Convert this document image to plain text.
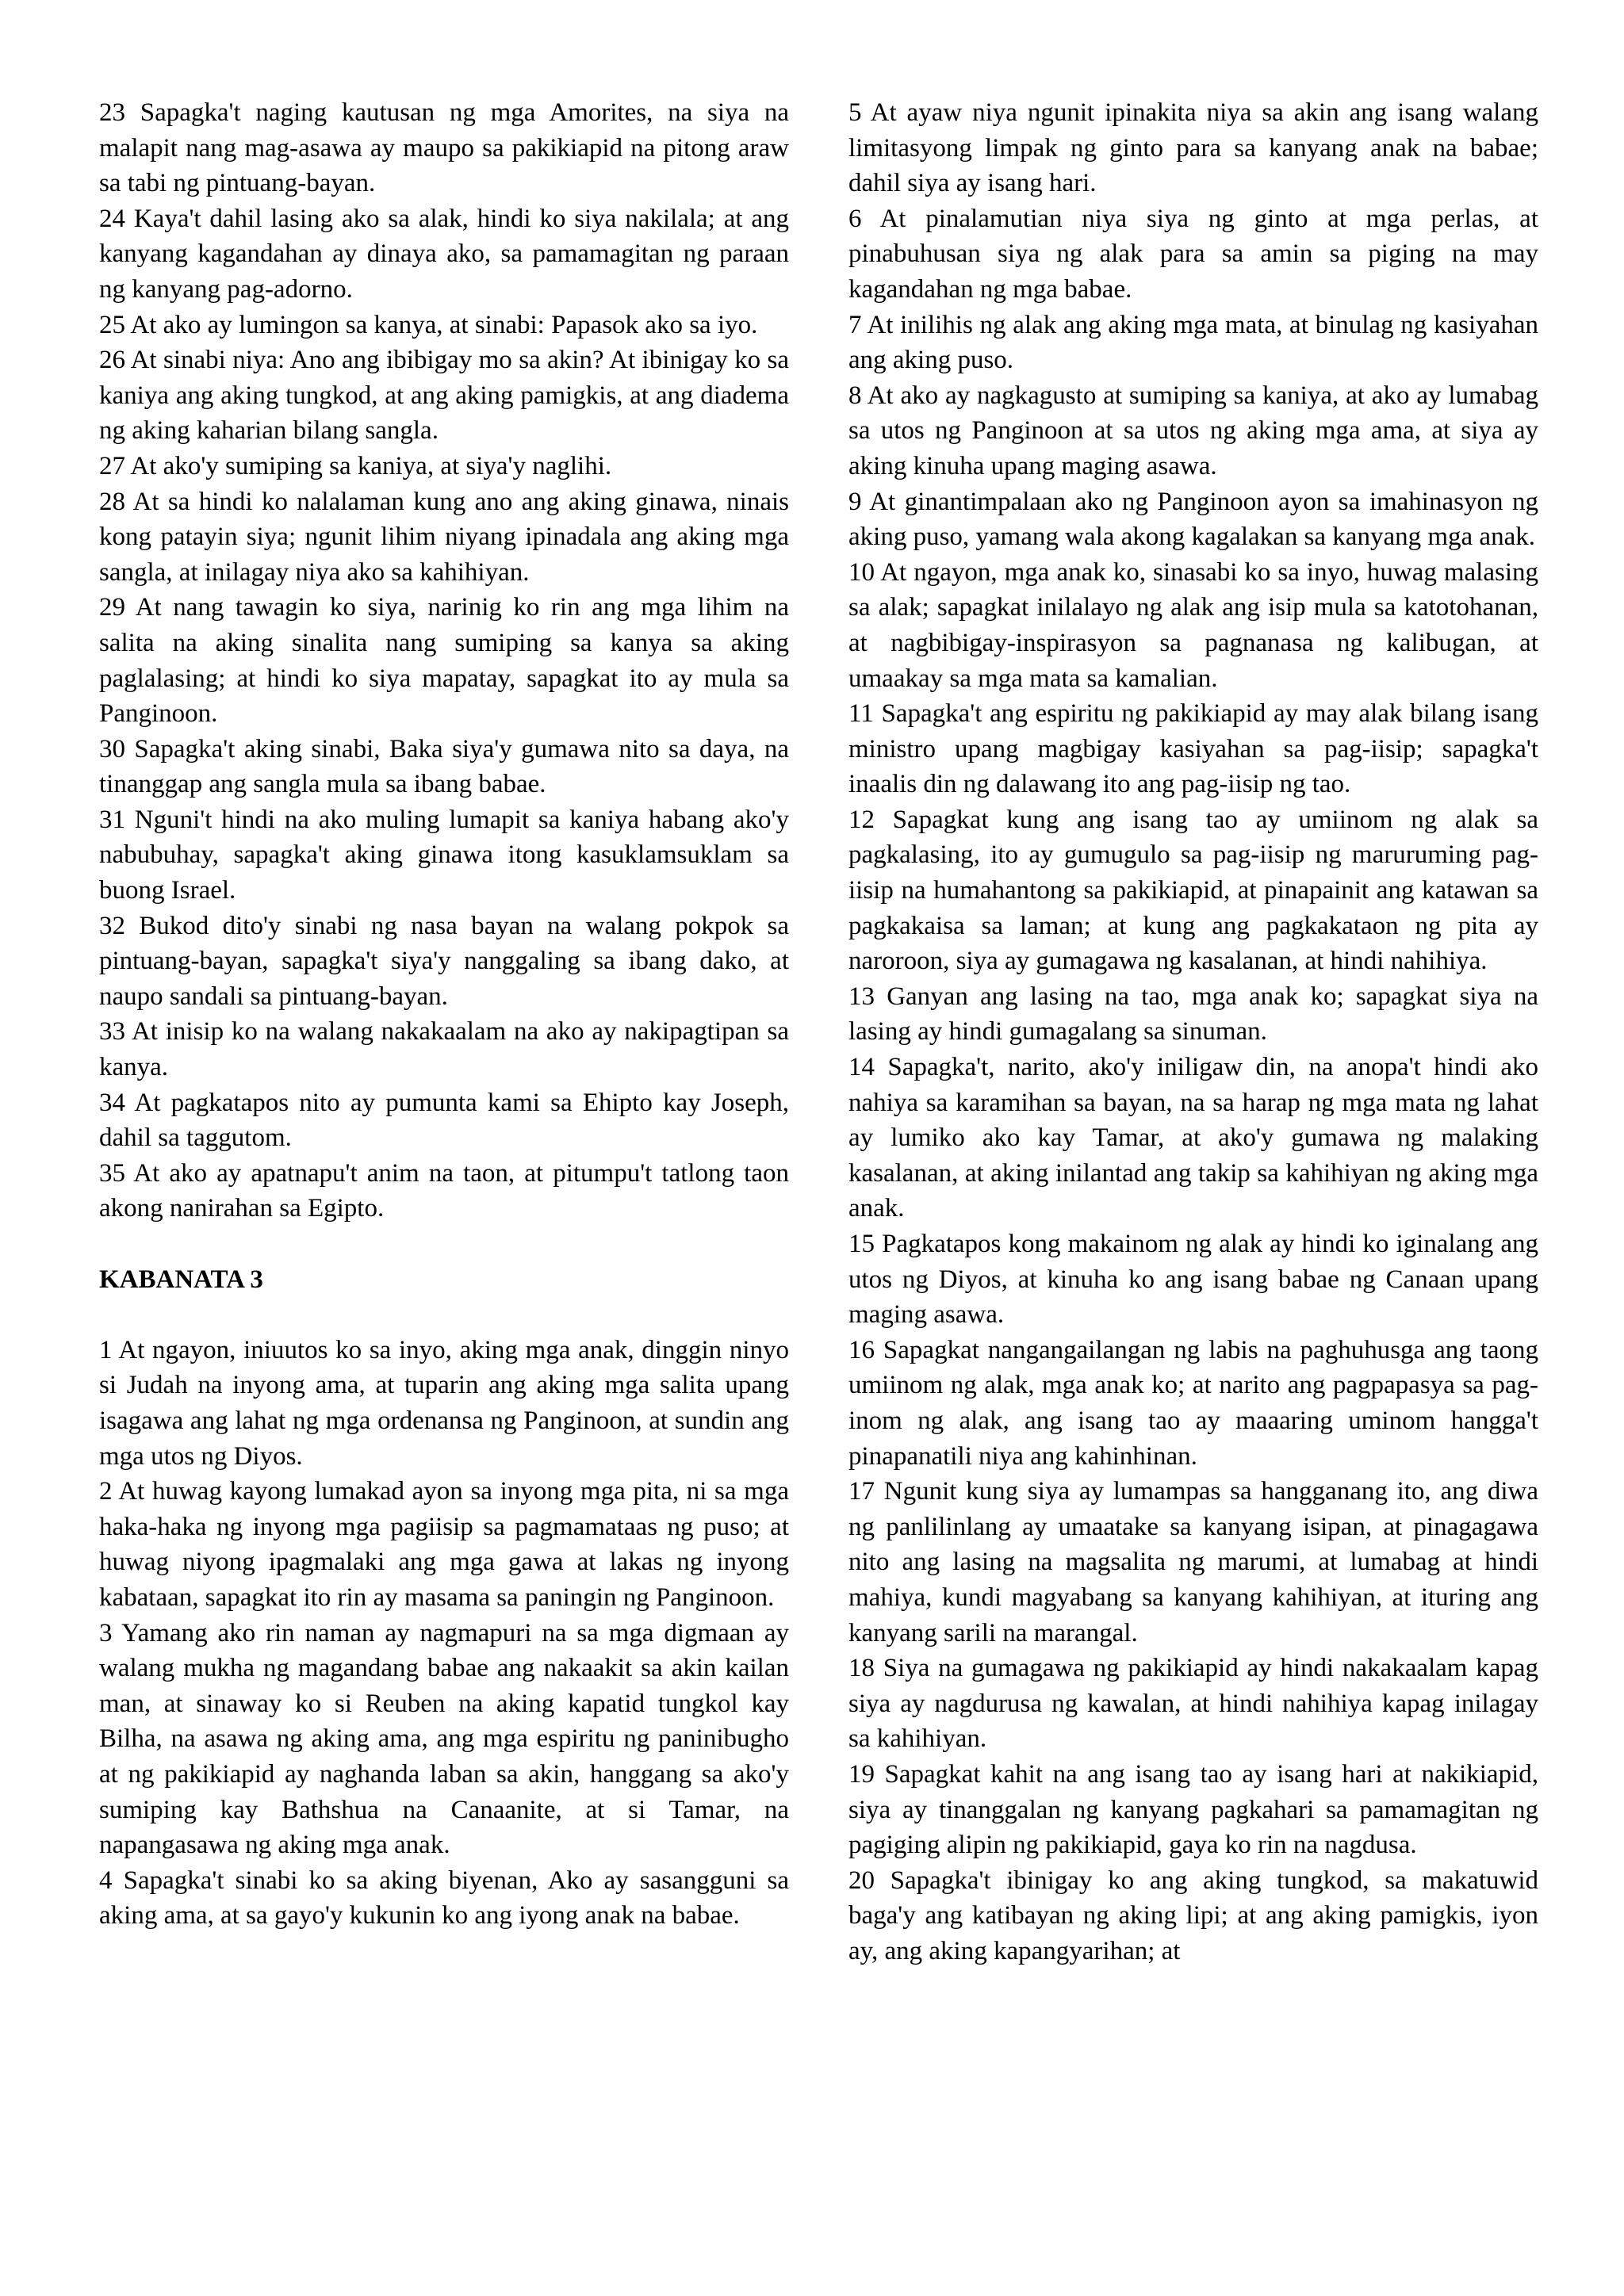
23 Sapagka't naging kautusan ng mga Amorites, na siya na malapit nang mag-asawa ay maupo sa pakikiapid na pitong araw sa tabi ng pintuang-bayan.

24 Kaya't dahil lasing ako sa alak, hindi ko siya nakilala; at ang kanyang kagandahan ay dinaya ako, sa pamamagitan ng paraan ng kanyang pag-adorno.

25 At ako ay lumingon sa kanya, at sinabi: Papasok ako sa iyo.

26 At sinabi niya: Ano ang ibibigay mo sa akin? At ibinigay ko sa kaniya ang aking tungkod, at ang aking pamigkis, at ang diadema ng aking kaharian bilang sangla.

27 At ako'y sumiping sa kaniya, at siya'y naglihi.

28 At sa hindi ko nalalaman kung ano ang aking ginawa, ninais kong patayin siya; ngunit lihim niyang ipinadala ang aking mga sangla, at inilagay niya ako sa kahihiyan.

29 At nang tawagin ko siya, narinig ko rin ang mga lihim na salita na aking sinalita nang sumiping sa kanya sa aking paglalasing; at hindi ko siya mapatay, sapagkat ito ay mula sa Panginoon.

30 Sapagka't aking sinabi, Baka siya'y gumawa nito sa daya, na tinanggap ang sangla mula sa ibang babae.

31 Nguni't hindi na ako muling lumapit sa kaniya habang ako'y nabubuhay, sapagka't aking ginawa itong kasuklamsuklam sa buong Israel.

32 Bukod dito'y sinabi ng nasa bayan na walang pokpok sa pintuang-bayan, sapagka't siya'y nanggaling sa ibang dako, at naupo sandali sa pintuang-bayan.

33 At inisip ko na walang nakakaalam na ako ay nakipagtipan sa kanya.

34 At pagkatapos nito ay pumunta kami sa Ehipto kay Joseph, dahil sa taggutom.

35 At ako ay apatnapu't anim na taon, at pitumpu't tatlong taon akong nanirahan sa Egipto.

KABANATA 3

1 At ngayon, iniuutos ko sa inyo, aking mga anak, dinggin ninyo si Judah na inyong ama, at tuparin ang aking mga salita upang isagawa ang lahat ng mga ordenansa ng Panginoon, at sundin ang mga utos ng Diyos.

2 At huwag kayong lumakad ayon sa inyong mga pita, ni sa mga haka-haka ng inyong mga pagiisip sa pagmamataas ng puso; at huwag niyong ipagmalaki ang mga gawa at lakas ng inyong kabataan, sapagkat ito rin ay masama sa paningin ng Panginoon.

3 Yamang ako rin naman ay nagmapuri na sa mga digmaan ay walang mukha ng magandang babae ang nakaakit sa akin kailan man, at sinaway ko si Reuben na aking kapatid tungkol kay Bilha, na asawa ng aking ama, ang mga espiritu ng paninibugho at ng pakikiapid ay naghanda laban sa akin, hanggang sa ako'y sumiping kay Bathshua na Canaanite, at si Tamar, na napangasawa ng aking mga anak.

4 Sapagka't sinabi ko sa aking biyenan, Ako ay sasangguni sa aking ama, at sa gayo'y kukunin ko ang iyong anak na babae.

5 At ayaw niya ngunit ipinakita niya sa akin ang isang walang limitasyong limpak ng ginto para sa kanyang anak na babae; dahil siya ay isang hari.

6 At pinalamutian niya siya ng ginto at mga perlas, at pinabuhusan siya ng alak para sa amin sa piging na may kagandahan ng mga babae.

7 At inilihis ng alak ang aking mga mata, at binulag ng kasiyahan ang aking puso.

8 At ako ay nagkagusto at sumiping sa kaniya, at ako ay lumabag sa utos ng Panginoon at sa utos ng aking mga ama, at siya ay aking kinuha upang maging asawa.

9 At ginantimpalaan ako ng Panginoon ayon sa imahinasyon ng aking puso, yamang wala akong kagalakan sa kanyang mga anak.

10 At ngayon, mga anak ko, sinasabi ko sa inyo, huwag malasing sa alak; sapagkat inilalayo ng alak ang isip mula sa katotohanan, at nagbibigay-inspirasyon sa pagnanasa ng kalibugan, at umaakay sa mga mata sa kamalian.

11 Sapagka't ang espiritu ng pakikiapid ay may alak bilang isang ministro upang magbigay kasiyahan sa pag-iisip; sapagka't inaalis din ng dalawang ito ang pag-iisip ng tao.

12 Sapagkat kung ang isang tao ay umiinom ng alak sa pagkalasing, ito ay gumugulo sa pag-iisip ng maruruming pag-iisip na humahantong sa pakikiapid, at pinapainit ang katawan sa pagkakaisa sa laman; at kung ang pagkakataon ng pita ay naroroon, siya ay gumagawa ng kasalanan, at hindi nahihiya.

13 Ganyan ang lasing na tao, mga anak ko; sapagkat siya na lasing ay hindi gumagalang sa sinuman.

14 Sapagka't, narito, ako'y iniligaw din, na anopa't hindi ako nahiya sa karamihan sa bayan, na sa harap ng mga mata ng lahat ay lumiko ako kay Tamar, at ako'y gumawa ng malaking kasalanan, at aking inilantad ang takip sa kahihiyan ng aking mga anak.

15 Pagkatapos kong makainom ng alak ay hindi ko iginalang ang utos ng Diyos, at kinuha ko ang isang babae ng Canaan upang maging asawa.

16 Sapagkat nangangailangan ng labis na paghuhusga ang taong umiinom ng alak, mga anak ko; at narito ang pagpapasya sa pag-inom ng alak, ang isang tao ay maaaring uminom hangga't pinapanatili niya ang kahinhinan.

17 Ngunit kung siya ay lumampas sa hangganang ito, ang diwa ng panlilinlang ay umaatake sa kanyang isipan, at pinagagawa nito ang lasing na magsalita ng marumi, at lumabag at hindi mahiya, kundi magyabang sa kanyang kahihiyan, at ituring ang kanyang sarili na marangal.

18 Siya na gumagawa ng pakikiapid ay hindi nakakaalam kapag siya ay nagdurusa ng kawalan, at hindi nahihiya kapag inilagay sa kahihiyan.

19 Sapagkat kahit na ang isang tao ay isang hari at nakikiapid, siya ay tinanggalan ng kanyang pagkahari sa pamamagitan ng pagiging alipin ng pakikiapid, gaya ko rin na nagdusa.

20 Sapagka't ibinigay ko ang aking tungkod, sa makatuwid baga'y ang katibayan ng aking lipi; at ang aking pamigkis, iyon ay, ang aking kapangyarihan; at
